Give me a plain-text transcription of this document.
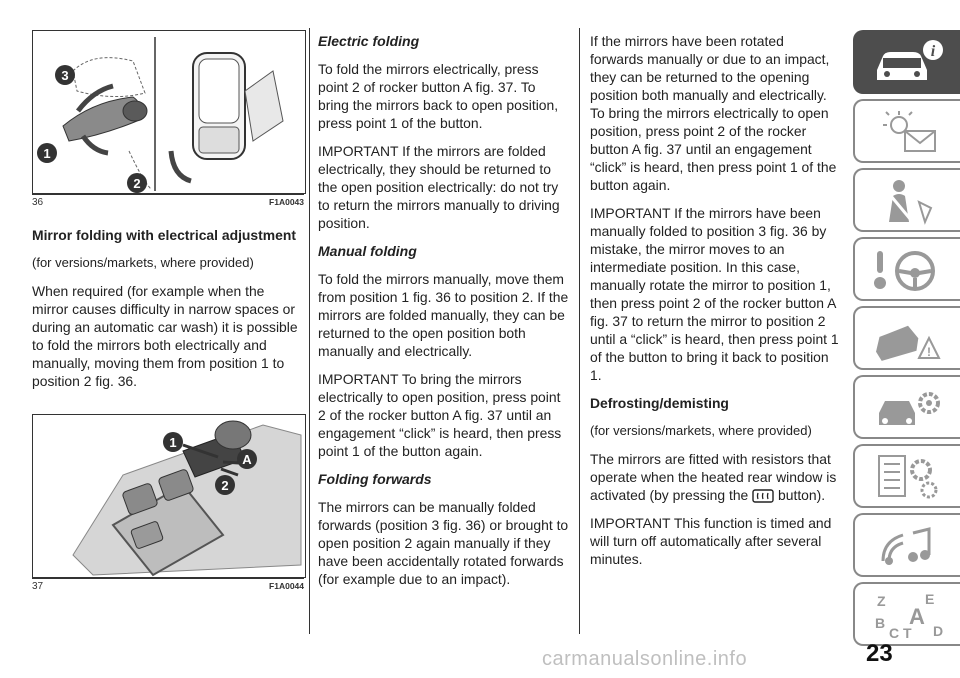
3
1
2
36	F1A0043

Mirror folding with electrical adjustment

(for versions/markets, where provided)

When required (for example when the mirror causes difficulty in narrow spaces or during an automatic car wash) it is possible to fold the mirrors both electrically and manually, moving them from position 1 to position 2 fig. 36.

1
A
2
37	F1A0044

Electric folding

To fold the mirrors electrically, press point 2 of rocker button A fig. 37. To bring the mirrors back to open position, press point 1 of the button.

IMPORTANT If the mirrors are folded electrically, they should be returned to the open position electrically: do not try to return the mirrors manually to driving position.

Manual folding

To fold the mirrors manually, move them from position 1 fig. 36 to position 2. If the mirrors are folded manually, they can be returned to the open position both manually and electrically.

IMPORTANT To bring the mirrors electrically to open position, press point 2 of the rocker button A fig. 37 until an engagement “click” is heard, then press point 1 of the button again.

Folding forwards

The mirrors can be manually folded forwards (position 3 fig. 36) or brought to open position 2 again manually if they have been accidentally rotated forwards (for example due to an impact).

If the mirrors have been rotated forwards manually or due to an impact, they can be returned to the opening position both manually and electrically. To bring the mirrors electrically to open position, press point 2 of the rocker button A fig. 37 until an engagement “click” is heard, then press point 1 of the button again.

IMPORTANT If the mirrors have been manually folded to position 3 fig. 36 by mistake, the mirror moves to an intermediate position. In this case, manually rotate the mirror to position 1, then press point 2 of the rocker button A fig. 37 to return the mirror to position 2 until a “click” is heard, then press point 1 of the button to bring it back to position 1.

Defrosting/demisting

(for versions/markets, where provided)

The mirrors are fitted with resistors that operate when the heated rear window is activated (by pressing the button).

IMPORTANT This function is timed and will turn off automatically after several minutes.

i
!
Z	E
A
B
C D
T
carmanualsonline.info	23
